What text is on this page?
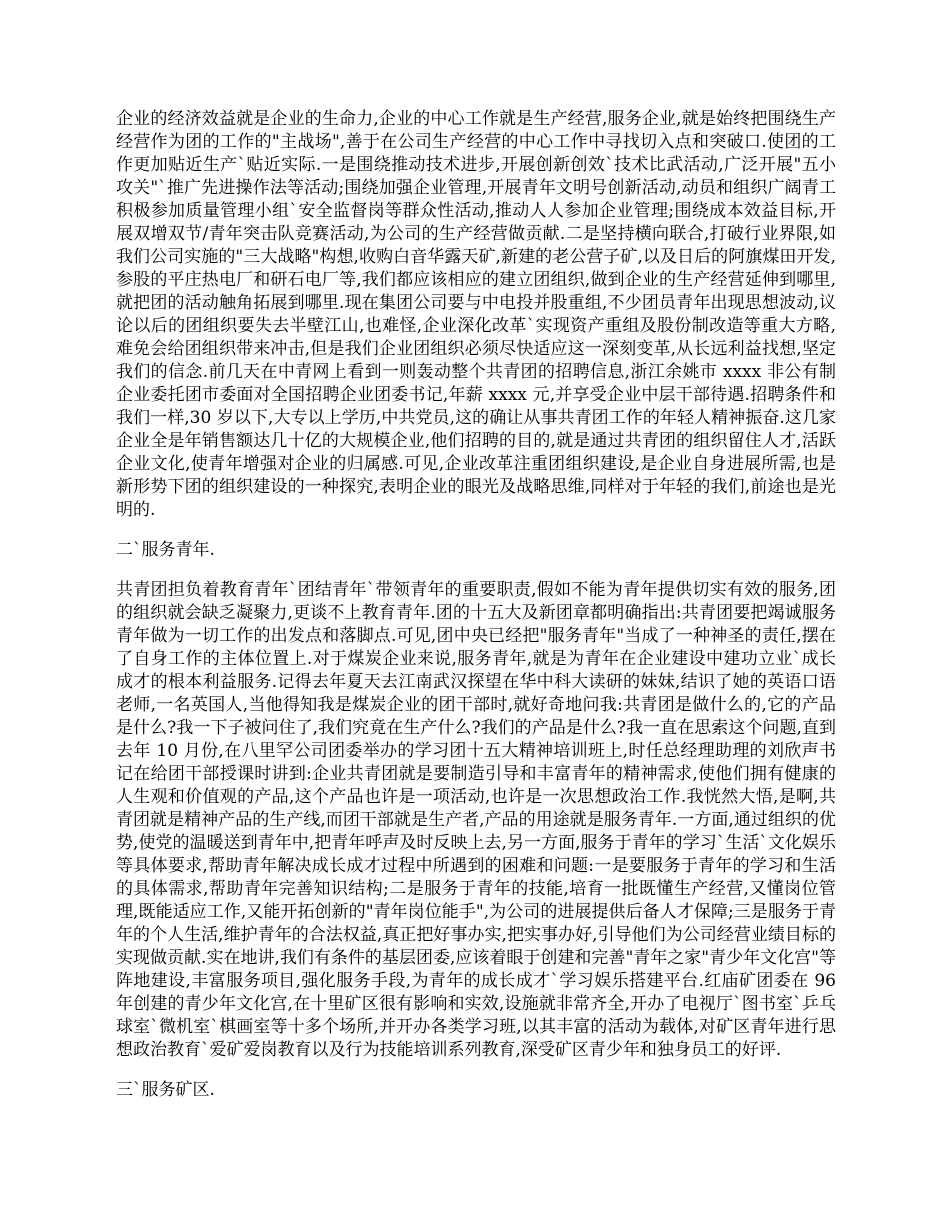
企业的经济效益就是企业的生命力,企业的中心工作就是生产经营,服务企业,就是始终把围绕生产经营作为团的工作的"主战场",善于在公司生产经营的中心工作中寻找切入点和突破口.使团的工作更加贴近生产`贴近实际.一是围绕推动技术进步,开展创新创效`技术比武活动,广泛开展"五小攻关"`推广先进操作法等活动;围绕加强企业管理,开展青年文明号创新活动,动员和组织广阔青工积极参加质量管理小组`安全监督岗等群众性活动,推动人人参加企业管理;围绕成本效益目标,开展双增双节/青年突击队竞赛活动,为公司的生产经营做贡献.二是坚持横向联合,打破行业界限,如我们公司实施的"三大战略"构想,收购白音华露天矿,新建的老公营子矿,以及日后的阿旗煤田开发,参股的平庄热电厂和研石电厂等,我们都应该相应的建立团组织,做到企业的生产经营延伸到哪里,就把团的活动触角拓展到哪里.现在集团公司要与中电投并股重组,不少团员青年出现思想波动,议论以后的团组织要失去半壁江山,也难怪,企业深化改革`实现资产重组及股份制改造等重大方略,难免会给团组织带来冲击,但是我们企业团组织必须尽快适应这一深刻变革,从长远利益找想,坚定我们的信念.前几天在中青网上看到一则轰动整个共青团的招聘信息,浙江余姚市 xxxx 非公有制企业委托团市委面对全国招聘企业团委书记,年薪 xxxx 元,并享受企业中层干部待遇.招聘条件和我们一样,30 岁以下,大专以上学历,中共党员,这的确让从事共青团工作的年轻人精神振奋.这几家企业全是年销售额达几十亿的大规模企业,他们招聘的目的,就是通过共青团的组织留住人才,活跃企业文化,使青年增强对企业的归属感.可见,企业改革注重团组织建设,是企业自身进展所需,也是新形势下团的组织建设的一种探究,表明企业的眼光及战略思维,同样对于年轻的我们,前途也是光明的.

二`服务青年.

共青团担负着教育青年`团结青年`带领青年的重要职责,假如不能为青年提供切实有效的服务,团的组织就会缺乏凝聚力,更谈不上教育青年.团的十五大及新团章都明确指出:共青团要把竭诚服务青年做为一切工作的出发点和落脚点.可见,团中央已经把"服务青年"当成了一种神圣的责任,摆在了自身工作的主体位置上.对于煤炭企业来说,服务青年,就是为青年在企业建设中建功立业`成长成才的根本利益服务.记得去年夏天去江南武汉探望在华中科大读研的妹妹,结识了她的英语口语老师,一名英国人,当他得知我是煤炭企业的团干部时,就好奇地问我:共青团是做什么的,它的产品是什么?我一下子被问住了,我们究竟在生产什么?我们的产品是什么?我一直在思索这个问题,直到去年 10 月份,在八里罕公司团委举办的学习团十五大精神培训班上,时任总经理助理的刘欣声书记在给团干部授课时讲到:企业共青团就是要制造引导和丰富青年的精神需求,使他们拥有健康的人生观和价值观的产品,这个产品也许是一项活动,也许是一次思想政治工作.我恍然大悟,是啊,共青团就是精神产品的生产线,而团干部就是生产者,产品的用途就是服务青年.一方面,通过组织的优势,使党的温暖送到青年中,把青年呼声及时反映上去,另一方面,服务于青年的学习`生活`文化娱乐等具体要求,帮助青年解决成长成才过程中所遇到的困难和问题:一是要服务于青年的学习和生活的具体需求,帮助青年完善知识结构;二是服务于青年的技能,培育一批既懂生产经营,又懂岗位管理,既能适应工作,又能开拓创新的"青年岗位能手",为公司的进展提供后备人才保障;三是服务于青年的个人生活,维护青年的合法权益,真正把好事办实,把实事办好,引导他们为公司经营业绩目标的实现做贡献.实在地讲,我们有条件的基层团委,应该着眼于创建和完善"青年之家"青少年文化宫"等阵地建设,丰富服务项目,强化服务手段,为青年的成长成才`学习娱乐搭建平台.红庙矿团委在 96 年创建的青少年文化宫,在十里矿区很有影响和实效,设施就非常齐全,开办了电视厅`图书室`乒乓球室`微机室`棋画室等十多个场所,并开办各类学习班,以其丰富的活动为载体,对矿区青年进行思想政治教育`爱矿爱岗教育以及行为技能培训系列教育,深受矿区青少年和独身员工的好评.

三`服务矿区.
